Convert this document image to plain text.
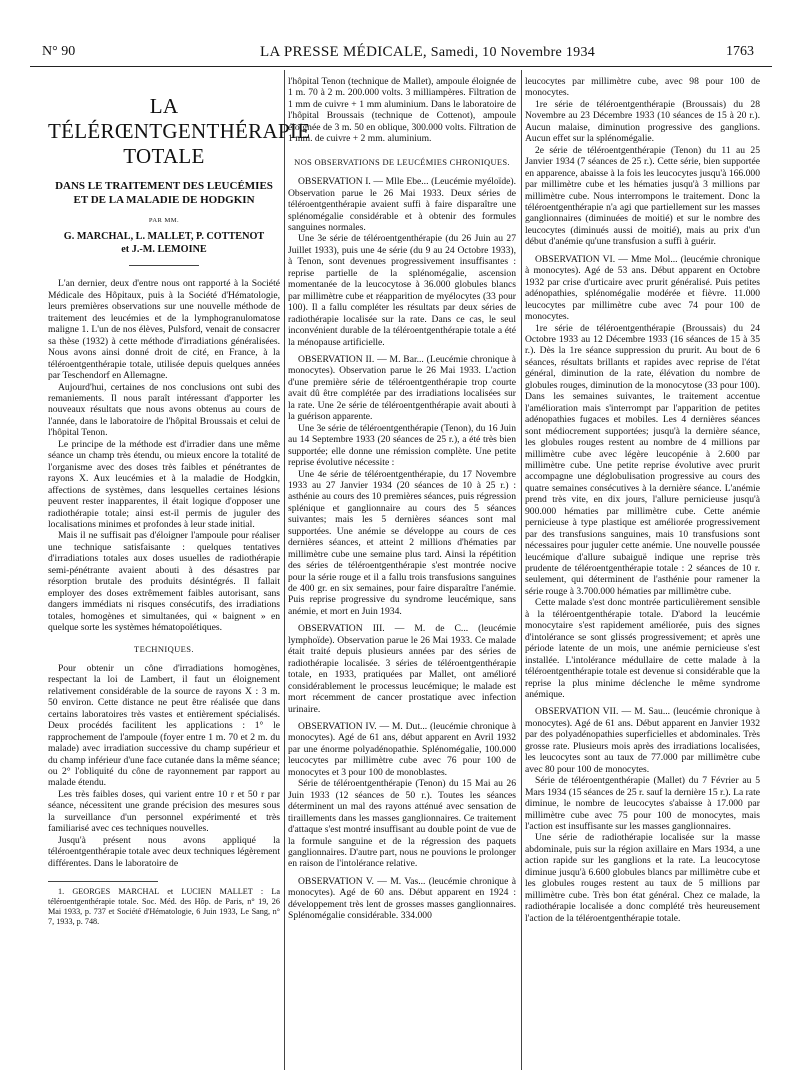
N° 90	LA PRESSE MÉDICALE, Samedi, 10 Novembre 1934	1763
LA TÉLÉRŒNTGENTHÉRAPIE
TOTALE
DANS LE TRAITEMENT DES LEUCÉMIES
ET DE LA MALADIE DE HODGKIN
PAR MM.
G. MARCHAL, L. MALLET, P. COTTENOT
et J.-M. LEMOINE

L'an dernier, deux d'entre nous ont rapporté à la Société Médicale des Hôpitaux, puis à la Société d'Hématologie, leurs premières observations sur une nouvelle méthode de traitement des leucémies et de la lymphogranulomatose maligne 1. L'un de nos élèves, Pulsford, venait de consacrer sa thèse (1932) à cette méthode d'irradiations généralisées. Nous avons ainsi donné droit de cité, en France, à la téléroentgenthérapie totale, utilisée depuis quelques années par Teschendorf en Allemagne.

Aujourd'hui, certaines de nos conclusions ont subi des remaniements. Il nous paraît intéressant d'apporter les nouveaux résultats que nous avons obtenus au cours de l'année, dans le laboratoire de l'hôpital Broussais et celui de l'hôpital Tenon.

Le principe de la méthode est d'irradier dans une même séance un champ très étendu, ou mieux encore la totalité de l'organisme avec des doses très faibles et pénétrantes de rayons X. Aux leucémies et à la maladie de Hodgkin, affections de systèmes, dans lesquelles certaines lésions peuvent rester inapparentes, il était logique d'opposer une radiothérapie totale; ainsi est-il permis de juguler des localisations minimes et profondes à leur stade initial.

Mais il ne suffisait pas d'éloigner l'ampoule pour réaliser une technique satisfaisante : quelques tentatives d'irradiations totales aux doses usuelles de radiothérapie semi-pénétrante avaient abouti à des désastres par résorption brutale des produits désintégrés. Il fallait employer des doses extrêmement faibles autorisant, sans dangers immédiats ni risques consécutifs, des irradiations totales, homogènes et simultanées, qui « baignent » en quelque sorte les systèmes hématopoïétiques.

TECHNIQUES.

Pour obtenir un cône d'irradiations homogènes, respectant la loi de Lambert, il faut un éloignement relativement considérable de la source de rayons X : 3 m. 50 environ. Cette distance ne peut être réalisée que dans certains laboratoires très vastes et entièrement spécialisés. Deux procédés facilitent les applications : 1° le rapprochement de l'ampoule (foyer entre 1 m. 70 et 2 m. du malade) avec irradiation successive du champ supérieur et du champ inférieur d'une face cutanée dans la même séance; ou 2° l'obliquité du cône de rayonnement par rapport au malade étendu.

Les très faibles doses, qui varient entre 10 r et 50 r par séance, nécessitent une grande précision des mesures sous la surveillance d'un personnel expérimenté et très familiarisé avec ces techniques nouvelles.

Jusqu'à présent nous avons appliqué la téléroentgenthérapie totale avec deux techniques légèrement différentes. Dans le laboratoire de

1. GEORGES MARCHAL et LUCIEN MALLET : La téléroentgenthérapie totale. Soc. Méd. des Hôp. de Paris, n° 19, 26 Mai 1933, p. 737 et Société d'Hématologie, 6 Juin 1933, Le Sang, n° 7, 1933, p. 748.

l'hôpital Tenon (technique de Mallet), ampoule éloignée de 1 m. 70 à 2 m. 200.000 volts. 3 milliampères. Filtration de 1 mm de cuivre + 1 mm aluminium. Dans le laboratoire de l'hôpital Broussais (technique de Cottenot), ampoule éloignée de 3 m. 50 en oblique, 300.000 volts. Filtration de 1 mm. de cuivre + 2 mm. aluminium.

NOS OBSERVATIONS DE LEUCÉMIES CHRONIQUES.

OBSERVATION I. — Mlle Ebe... (Leucémie myéloïde). Observation parue le 26 Mai 1933. Deux séries de téléroentgenthérapie avaient suffi à faire disparaître une splénomégalie considérable et à obtenir des formules sanguines normales.

Une 3e série de téléroentgenthérapie (du 26 Juin au 27 Juillet 1933), puis une 4e série (du 9 au 24 Octobre 1933), à Tenon, sont devenues progressivement insuffisantes : reprise partielle de la splénomégalie, ascension momentanée de la leucocytose à 36.000 globules blancs par millimètre cube et réapparition de myélocytes (33 pour 100). Il a fallu compléter les résultats par deux séries de radiothérapie localisée sur la rate. Dans ce cas, le seul inconvénient durable de la téléroentgenthérapie totale a été la ménopause artificielle.

OBSERVATION II. — M. Bar... (Leucémie chronique à monocytes). Observation parue le 26 Mai 1933. L'action d'une première série de téléroentgenthérapie trop courte avait dû être complétée par des irradiations localisées sur la rate. Une 2e série de téléroentgenthérapie avait abouti à la guérison apparente.

Une 3e série de téléroentgenthérapie (Tenon), du 16 Juin au 14 Septembre 1933 (20 séances de 25 r.), a été très bien supportée; elle donne une rémission complète. Une petite reprise évolutive nécessite :

Une 4e série de téléroentgenthérapie, du 17 Novembre 1933 au 27 Janvier 1934 (20 séances de 10 à 25 r.) : asthénie au cours des 10 premières séances, puis régression splénique et ganglionnaire au cours des 5 séances suivantes; mais les 5 dernières séances sont mal supportées. Une anémie se développe au cours de ces dernières séances, et atteint 2 millions d'hématies par millimètre cube une semaine plus tard. Ainsi la répétition des séries de téléroentgenthérapie s'est montrée nocive pour la série rouge et il a fallu trois transfusions sanguines de 400 gr. en six semaines, pour faire disparaître l'anémie. Puis reprise progressive du syndrome leucémique, sans anémie, et mort en Juin 1934.

OBSERVATION III. — M. de C... (leucémie lymphoïde). Observation parue le 26 Mai 1933. Ce malade était traité depuis plusieurs années par des séries de radiothérapie localisée. 3 séries de téléroentgenthérapie totale, en 1933, pratiquées par Mallet, ont amélioré considérablement le processus leucémique; le malade est mort récemment de cancer prostatique avec infection urinaire.

OBSERVATION IV. — M. Dut... (leucémie chronique à monocytes). Agé de 61 ans, début apparent en Avril 1932 par une énorme polyadénopathie. Splénomégalie, 100.000 leucocytes par millimètre cube avec 76 pour 100 de monocytes et 3 pour 100 de monoblastes.

Série de téléroentgenthérapie (Tenon) du 15 Mai au 26 Juin 1933 (12 séances de 50 r.). Toutes les séances déterminent un mal des rayons atténué avec sensation de tiraillements dans les masses ganglionnaires. Ce traitement d'attaque s'est montré insuffisant au double point de vue de la formule sanguine et de la régression des paquets ganglionnaires. D'autre part, nous ne pouvions le prolonger en raison de l'intolérance relative.

OBSERVATION V. — M. Vas... (leucémie chronique à monocytes). Agé de 60 ans. Début apparent en 1924 : développement très lent de grosses masses ganglionnaires. Splénomégalie considérable. 334.000

leucocytes par millimètre cube, avec 98 pour 100 de monocytes.

1re série de téléroentgenthérapie (Broussais) du 28 Novembre au 23 Décembre 1933 (10 séances de 15 à 20 r.). Aucun malaise, diminution progressive des ganglions. Aucun effet sur la splénomégalie.

2e série de téléroentgenthérapie (Tenon) du 11 au 25 Janvier 1934 (7 séances de 25 r.). Cette série, bien supportée en apparence, abaisse à la fois les leucocytes jusqu'à 166.000 par millimètre cube et les hématies jusqu'à 3 millions par millimètre cube. Nous interrompons le traitement. Donc la téléroentgenthérapie n'a agi que partiellement sur les masses ganglionnaires (diminuées de moitié) et sur le nombre des leucocytes (diminués aussi de moitié), mais au prix d'un début d'anémie qu'une transfusion a suffi à guérir.

OBSERVATION VI. — Mme Mol... (leucémie chronique à monocytes). Agé de 53 ans. Début apparent en Octobre 1932 par crise d'urticaire avec prurit généralisé. Puis petites adénopathies, splénomégalie modérée et fièvre. 11.000 leucocytes par millimètre cube avec 74 pour 100 de monocytes.

1re série de téléroentgenthérapie (Broussais) du 24 Octobre 1933 au 12 Décembre 1933 (16 séances de 15 à 35 r.). Dès la 1re séance suppression du prurit. Au bout de 6 séances, résultats brillants et rapides avec reprise de l'état général, diminution de la rate, élévation du nombre de globules rouges, diminution de la monocytose (33 pour 100). Dans les semaines suivantes, le traitement accentue l'amélioration mais s'interrompt par l'apparition de petites adénopathies fugaces et mobiles. Les 4 dernières séances sont médiocrement supportées; jusqu'à la dernière séance, les globules rouges restent au nombre de 4 millions par millimètre cube avec légère leucopénie à 2.600 par millimètre cube. Une petite reprise évolutive avec prurit accompagne une déglobulisation progressive au cours des quatre semaines consécutives à la dernière séance. L'anémie prend très vite, en dix jours, l'allure pernicieuse jusqu'à 900.000 hématies par millimètre cube. Cette anémie pernicieuse à type plastique est améliorée progressivement par des transfusions sanguines, mais 10 transfusions sont nécessaires pour juguler cette anémie. Une nouvelle poussée leucémique d'allure subaiguë indique une reprise très prudente de téléroentgenthérapie totale : 2 séances de 10 r. seulement, qui déterminent de l'asthénie pour ramener la série rouge à 3.700.000 hématies par millimètre cube.

Cette malade s'est donc montrée particulièrement sensible à la téléroentgenthérapie totale. D'abord la leucémie monocytaire s'est rapidement améliorée, puis des signes d'intolérance se sont glissés progressivement; et après une période latente de un mois, une anémie pernicieuse s'est installée. L'intolérance médullaire de cette malade à la téléroentgenthérapie totale est devenue si considérable que la reprise la plus minime déclenche le même syndrome anémique.

OBSERVATION VII. — M. Sau... (leucémie chronique à monocytes). Agé de 61 ans. Début apparent en Janvier 1932 par des polyadénopathies superficielles et abdominales. Très grosse rate. Plusieurs mois après des irradiations localisées, les leucocytes sont au taux de 77.000 par millimètre cube avec 80 pour 100 de monocytes.

Série de téléroentgenthérapie (Mallet) du 7 Février au 5 Mars 1934 (15 séances de 25 r. sauf la dernière 15 r.). La rate diminue, le nombre de leucocytes s'abaisse à 17.000 par millimètre cube avec 75 pour 100 de monocytes, mais l'action est insuffisante sur les masses ganglionnaires.

Une série de radiothérapie localisée sur la masse abdominale, puis sur la région axillaire en Mars 1934, a une action rapide sur les ganglions et la rate. La leucocytose diminue jusqu'à 6.600 globules blancs par millimètre cube et les globules rouges restent au taux de 5 millions par millimètre cube. Très bon état général. Chez ce malade, la radiothérapie localisée a donc complété très heureusement l'action de la téléroentgenthérapie totale.
